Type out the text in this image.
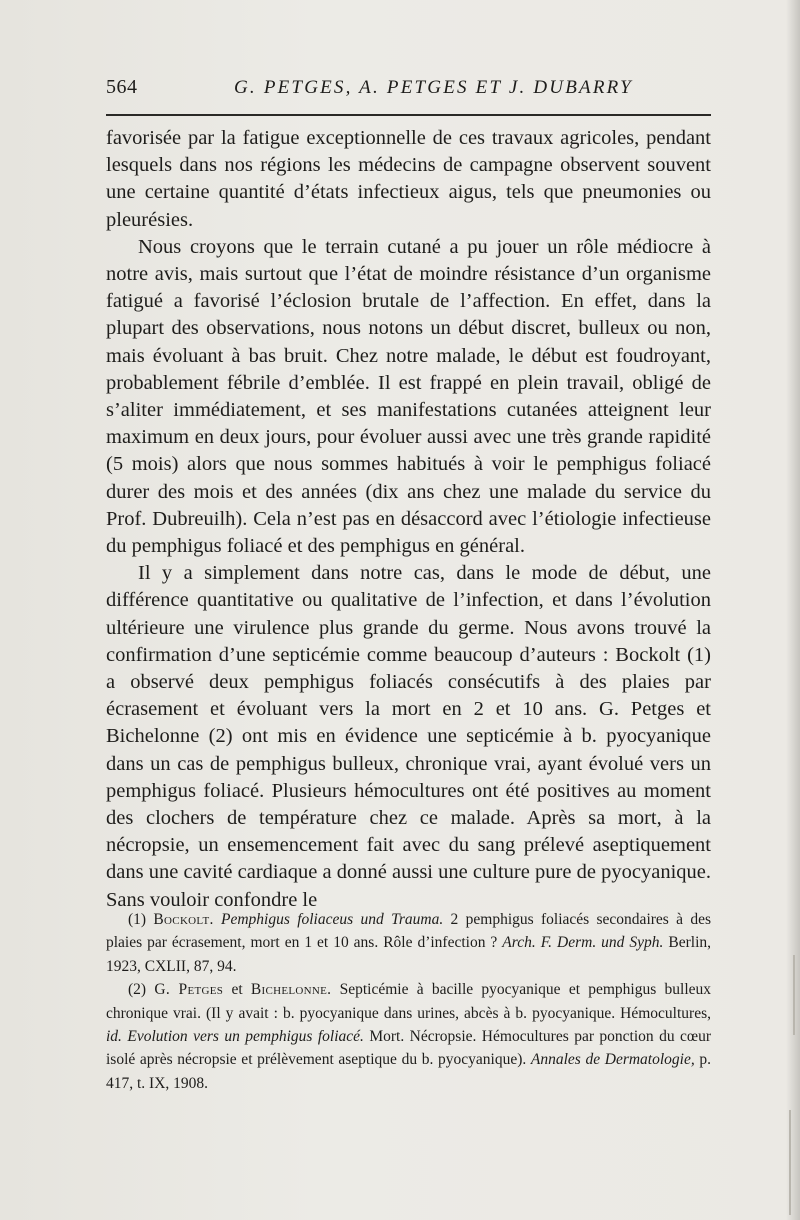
564	G. PETGES, A. PETGES ET J. DUBARRY

favorisée par la fatigue exceptionnelle de ces travaux agricoles, pendant lesquels dans nos régions les médecins de campagne observent souvent une certaine quantité d’états infectieux aigus, tels que pneumonies ou pleurésies.

Nous croyons que le terrain cutané a pu jouer un rôle médiocre à notre avis, mais surtout que l’état de moindre résistance d’un organisme fatigué a favorisé l’éclosion brutale de l’affection. En effet, dans la plupart des observations, nous notons un début discret, bulleux ou non, mais évoluant à bas bruit. Chez notre malade, le début est foudroyant, probablement fébrile d’emblée. Il est frappé en plein travail, obligé de s’aliter immédiatement, et ses manifestations cutanées atteignent leur maximum en deux jours, pour évoluer aussi avec une très grande rapidité (5 mois) alors que nous sommes habitués à voir le pemphigus foliacé durer des mois et des années (dix ans chez une malade du service du Prof. Dubreuilh). Cela n’est pas en désaccord avec l’étiologie infectieuse du pemphigus foliacé et des pemphigus en général.

Il y a simplement dans notre cas, dans le mode de début, une différence quantitative ou qualitative de l’infection, et dans l’évolution ultérieure une virulence plus grande du germe. Nous avons trouvé la confirmation d’une septicémie comme beaucoup d’auteurs : Bockolt (1) a observé deux pemphigus foliacés consécutifs à des plaies par écrasement et évoluant vers la mort en 2 et 10 ans. G. Petges et Bichelonne (2) ont mis en évidence une septicémie à b. pyocyanique dans un cas de pemphigus bulleux, chronique vrai, ayant évolué vers un pemphigus foliacé. Plusieurs hémocultures ont été positives au moment des clochers de température chez ce malade. Après sa mort, à la nécropsie, un ensemencement fait avec du sang prélevé aseptiquement dans une cavité cardiaque a donné aussi une culture pure de pyocyanique. Sans vouloir confondre le

(1) Bockolt. Pemphigus foliaceus und Trauma. 2 pemphigus foliacés secondaires à des plaies par écrasement, mort en 1 et 10 ans. Rôle d’infection ? Arch. F. Derm. und Syph. Berlin, 1923, CXLII, 87, 94.

(2) G. Petges et Bichelonne. Septicémie à bacille pyocyanique et pemphigus bulleux chronique vrai. (Il y avait : b. pyocyanique dans urines, abcès à b. pyocyanique. Hémocultures, id. Evolution vers un pemphigus foliacé. Mort. Nécropsie. Hémocultures par ponction du cœur isolé après nécropsie et prélèvement aseptique du b. pyocyanique). Annales de Dermatologie, p. 417, t. IX, 1908.
